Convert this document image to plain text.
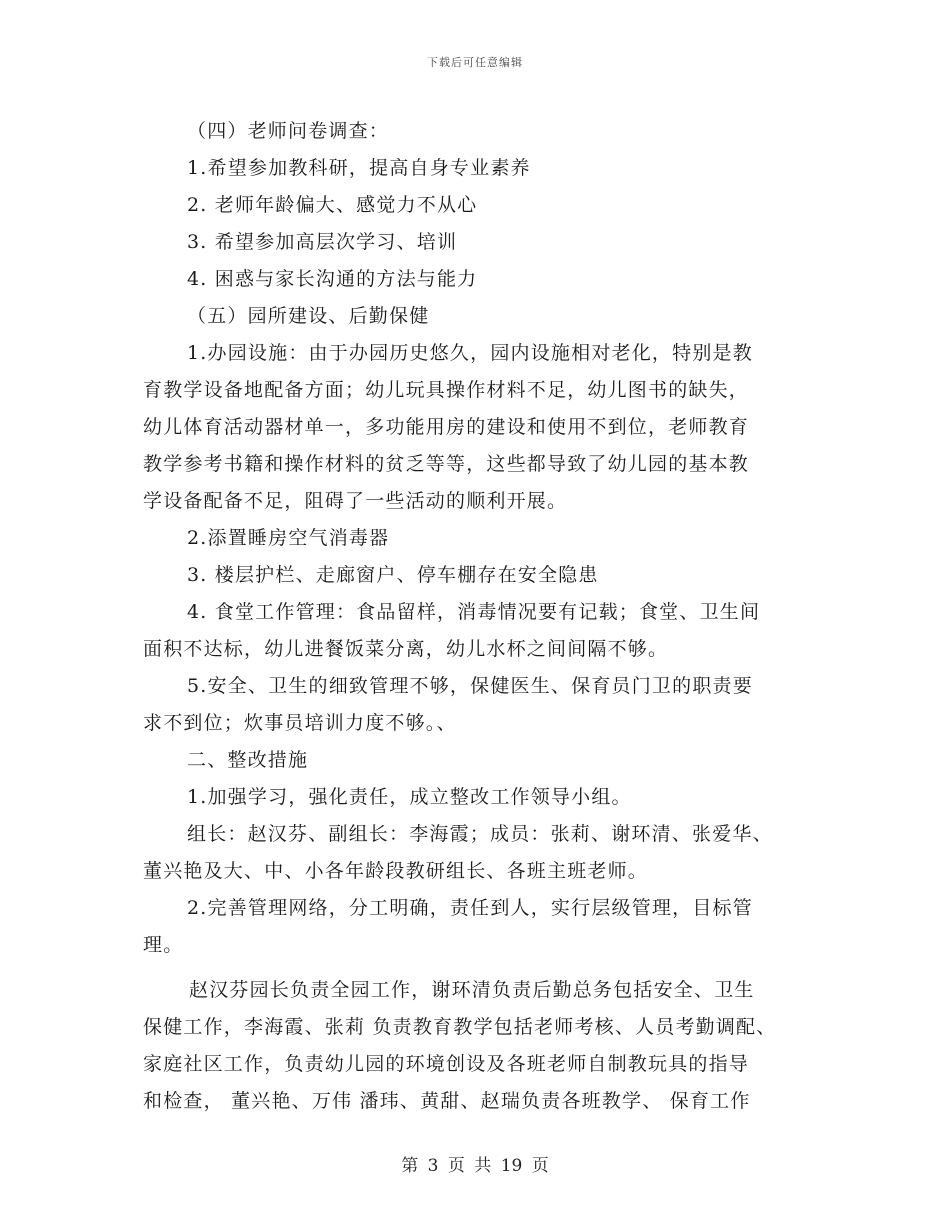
下载后可任意编辑
（四）老师问卷调查：
1.希望参加教科研，提高自身专业素养
2. 老师年龄偏大、感觉力不从心
3. 希望参加高层次学习、培训
4. 困惑与家长沟通的方法与能力
（五）园所建设、后勤保健
1.办园设施：由于办园历史悠久，园内设施相对老化，特别是教
育教学设备地配备方面；幼儿玩具操作材料不足，幼儿图书的缺失，
幼儿体育活动器材单一，多功能用房的建设和使用不到位，老师教育
教学参考书籍和操作材料的贫乏等等，这些都导致了幼儿园的基本教
学设备配备不足，阻碍了一些活动的顺利开展。
2.添置睡房空气消毒器
3. 楼层护栏、走廊窗户、停车棚存在安全隐患
4. 食堂工作管理：食品留样，消毒情况要有记载；食堂、卫生间
面积不达标，幼儿进餐饭菜分离，幼儿水杯之间间隔不够。
5.安全、卫生的细致管理不够，保健医生、保育员门卫的职责要
求不到位；炊事员培训力度不够。、
二、整改措施
1.加强学习，强化责任，成立整改工作领导小组。
组长：赵汉芬、副组长：李海霞；成员：张莉、谢环清、张爱华、
董兴艳及大、中、小各年龄段教研组长、各班主班老师。
2.完善管理网络，分工明确，责任到人，实行层级管理，目标管
理。
赵汉芬园长负责全园工作，谢环清负责后勤总务包括安全、卫生
保健工作，李海霞、张莉 负责教育教学包括老师考核、人员考勤调配、
家庭社区工作，负责幼儿园的环境创设及各班老师自制教玩具的指导
和检查， 董兴艳、万伟 潘玮、黄甜、赵瑞负责各班教学、 保育工作
第 3 页 共 19 页
